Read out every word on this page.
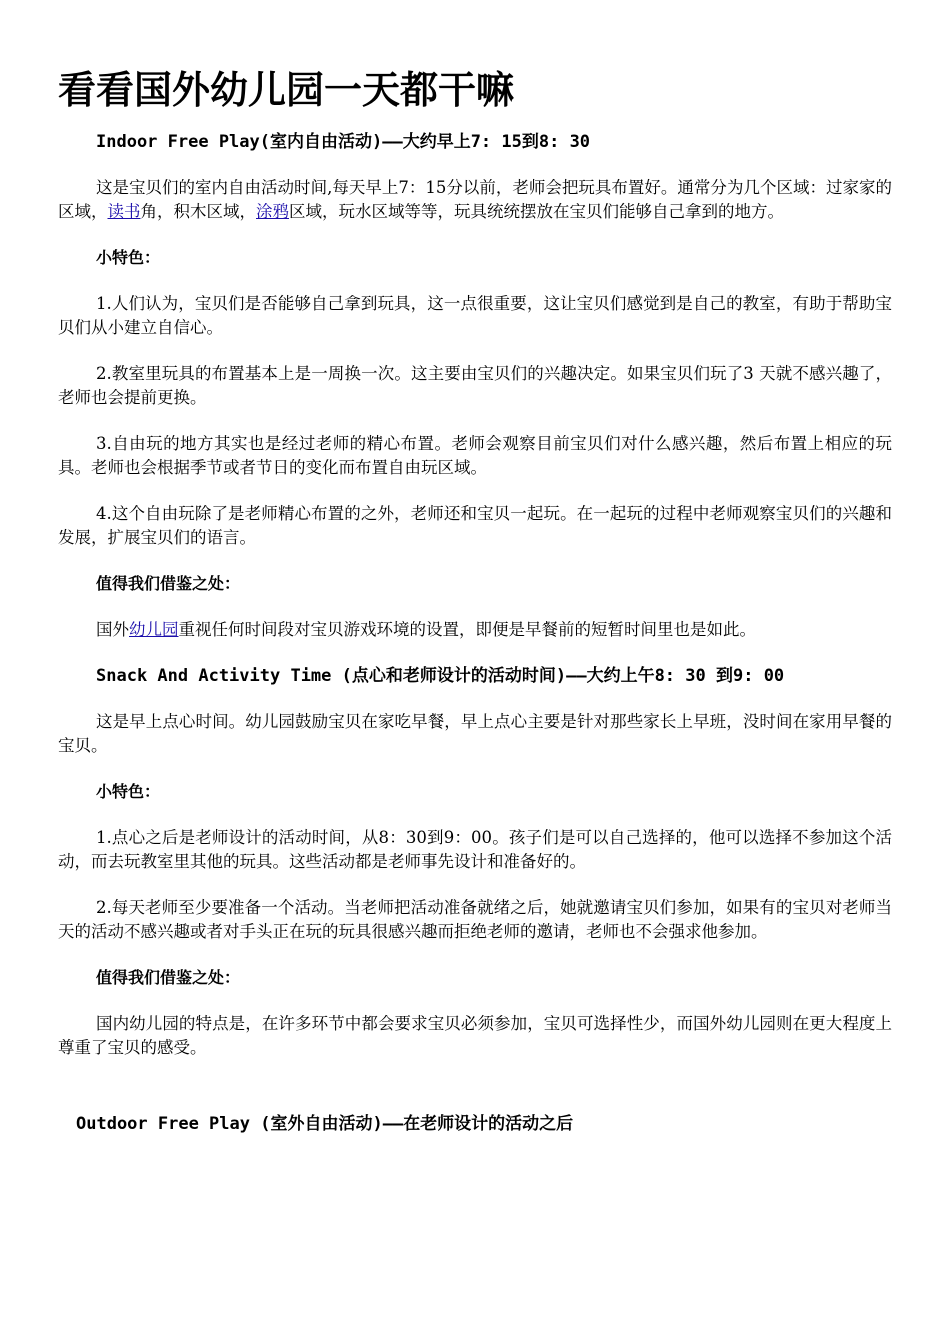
看看国外幼儿园一天都干嘛
Indoor Free Play(室内自由活动)——大约早上7: 15到8: 30
这是宝贝们的室内自由活动时间,每天早上7：15分以前，老师会把玩具布置好。通常分为几个区域：过家家的区域，读书角，积木区域，涂鸦区域，玩水区域等等，玩具统统摆放在宝贝们能够自己拿到的地方。
小特色：
1.人们认为，宝贝们是否能够自己拿到玩具，这一点很重要，这让宝贝们感觉到是自己的教室，有助于帮助宝贝们从小建立自信心。
2.教室里玩具的布置基本上是一周换一次。这主要由宝贝们的兴趣决定。如果宝贝们玩了3 天就不感兴趣了，老师也会提前更换。
3.自由玩的地方其实也是经过老师的精心布置。老师会观察目前宝贝们对什么感兴趣，然后布置上相应的玩具。老师也会根据季节或者节日的变化而布置自由玩区域。
4.这个自由玩除了是老师精心布置的之外，老师还和宝贝一起玩。在一起玩的过程中老师观察宝贝们的兴趣和发展，扩展宝贝们的语言。
值得我们借鉴之处：
国外幼儿园重视任何时间段对宝贝游戏环境的设置，即便是早餐前的短暂时间里也是如此。
Snack And Activity Time (点心和老师设计的活动时间)——大约上午8: 30 到9: 00
这是早上点心时间。幼儿园鼓励宝贝在家吃早餐，早上点心主要是针对那些家长上早班，没时间在家用早餐的宝贝。
小特色：
1.点心之后是老师设计的活动时间，从8：30到9：00。孩子们是可以自己选择的，他可以选择不参加这个活动，而去玩教室里其他的玩具。这些活动都是老师事先设计和准备好的。
2.每天老师至少要准备一个活动。当老师把活动准备就绪之后，她就邀请宝贝们参加，如果有的宝贝对老师当天的活动不感兴趣或者对手头正在玩的玩具很感兴趣而拒绝老师的邀请，老师也不会强求他参加。
值得我们借鉴之处：
国内幼儿园的特点是，在许多环节中都会要求宝贝必须参加，宝贝可选择性少，而国外幼儿园则在更大程度上尊重了宝贝的感受。
Outdoor Free Play (室外自由活动)——在老师设计的活动之后
